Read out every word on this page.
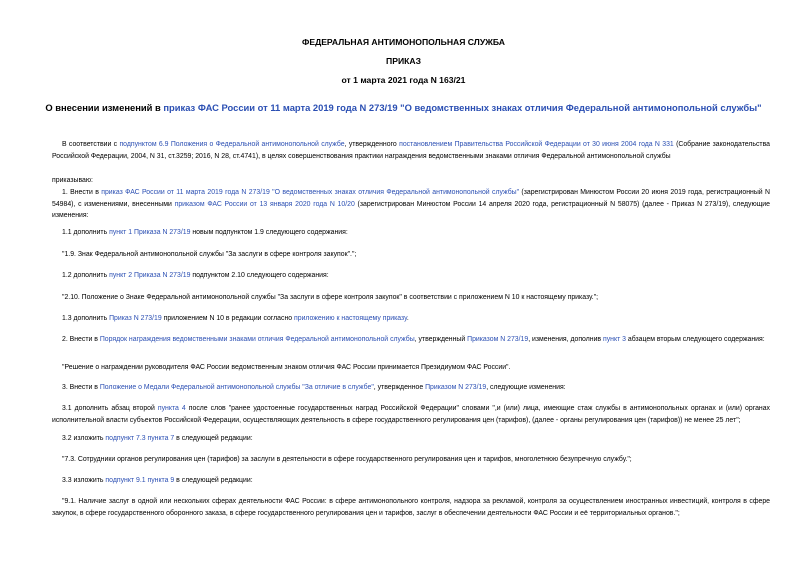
ФЕДЕРАЛЬНАЯ АНТИМОНОПОЛЬНАЯ СЛУЖБА
ПРИКАЗ
от 1 марта 2021 года N 163/21
О внесении изменений в приказ ФАС России от 11 марта 2019 года N 273/19 "О ведомственных знаках отличия Федеральной антимонопольной службы"
В соответствии с подпунктом 6.9 Положения о Федеральной антимонопольной службе, утвержденного постановлением Правительства Российской Федерации от 30 июня 2004 года N 331 (Собрание законодательства Российской Федерации, 2004, N 31, ст.3259; 2016, N 28, ст.4741), в целях совершенствования практики награждения ведомственными знаками отличия Федеральной антимонопольной службы
приказываю:
1. Внести в приказ ФАС России от 11 марта 2019 года N 273/19 "О ведомственных знаках отличия Федеральной антимонопольной службы" (зарегистрирован Минюстом России 20 июня 2019 года, регистрационный N 54984), с изменениями, внесенными приказом ФАС России от 13 января 2020 года N 10/20 (зарегистрирован Минюстом России 14 апреля 2020 года, регистрационный N 58075) (далее - Приказ N 273/19), следующие изменения:
1.1 дополнить пункт 1 Приказа N 273/19 новым подпунктом 1.9 следующего содержания:
"1.9. Знак Федеральной антимонопольной службы "За заслуги в сфере контроля закупок".";
1.2 дополнить пункт 2 Приказа N 273/19 подпунктом 2.10 следующего содержания:
"2.10. Положение о Знаке Федеральной антимонопольной службы "За заслуги в сфере контроля закупок" в соответствии с приложением N 10 к настоящему приказу.";
1.3 дополнить Приказ N 273/19 приложением N 10 в редакции согласно приложению к настоящему приказу.
2. Внести в Порядок награждения ведомственными знаками отличия Федеральной антимонопольной службы, утвержденный Приказом N 273/19, изменения, дополнив пункт 3 абзацем вторым следующего содержания:
"Решение о награждении руководителя ФАС России ведомственным знаком отличия ФАС России принимается Президиумом ФАС России".
3. Внести в Положение о Медали Федеральной антимонопольной службы "За отличие в службе", утвержденное Приказом N 273/19, следующие изменения:
3.1 дополнить абзац второй пункта 4 после слов "ранее удостоенные государственных наград Российской Федерации" словами ",и (или) лица, имеющие стаж службы в антимонопольных органах и (или) органах исполнительной власти субъектов Российской Федерации, осуществляющих деятельность в сфере государственного регулирования цен (тарифов), (далее - органы регулирования цен (тарифов)) не менее 25 лет";
3.2 изложить подпункт 7.3 пункта 7 в следующей редакции:
"7.3. Сотрудники органов регулирования цен (тарифов) за заслуги в деятельности в сфере государственного регулирования цен и тарифов, многолетнюю безупречную службу.";
3.3 изложить подпункт 9.1 пункта 9 в следующей редакции:
"9.1. Наличие заслуг в одной или нескольких сферах деятельности ФАС России: в сфере антимонопольного контроля, надзора за рекламой, контроля за осуществлением иностранных инвестиций, контроля в сфере закупок, в сфере государственного оборонного заказа, в сфере государственного регулирования цен и тарифов, заслуг в обеспечении деятельности ФАС России и её территориальных органов.";
